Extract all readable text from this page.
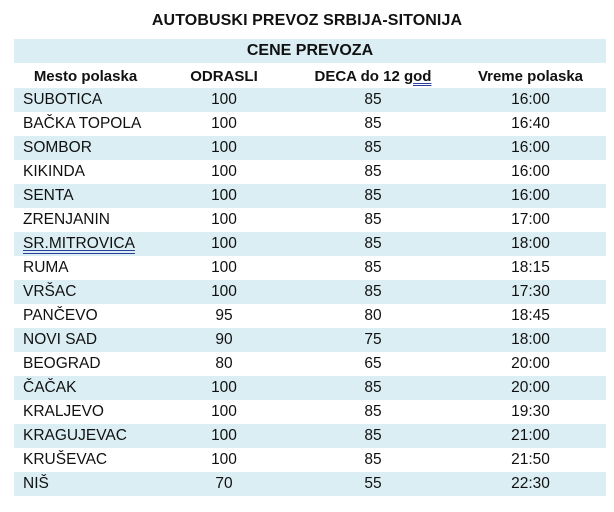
AUTOBUSKI PREVOZ SRBIJA-SITONIJA
CENE PREVOZA
Mesto polaska	ODRASLI	DECA do 12 god	Vreme polaska
SUBOTICA	100	85	16:00
BAČKA TOPOLA	100	85	16:40
SOMBOR	100	85	16:00
KIKINDA	100	85	16:00
SENTA	100	85	16:00
ZRENJANIN	100	85	17:00
SR.MITROVICA	100	85	18:00
RUMA	100	85	18:15
VRŠAC	100	85	17:30
PANČEVO	95	80	18:45
NOVI SAD	90	75	18:00
BEOGRAD	80	65	20:00
ČAČAK	100	85	20:00
KRALJEVO	100	85	19:30
KRAGUJEVAC	100	85	21:00
KRUŠEVAC	100	85	21:50
NIŠ	70	55	22:30
